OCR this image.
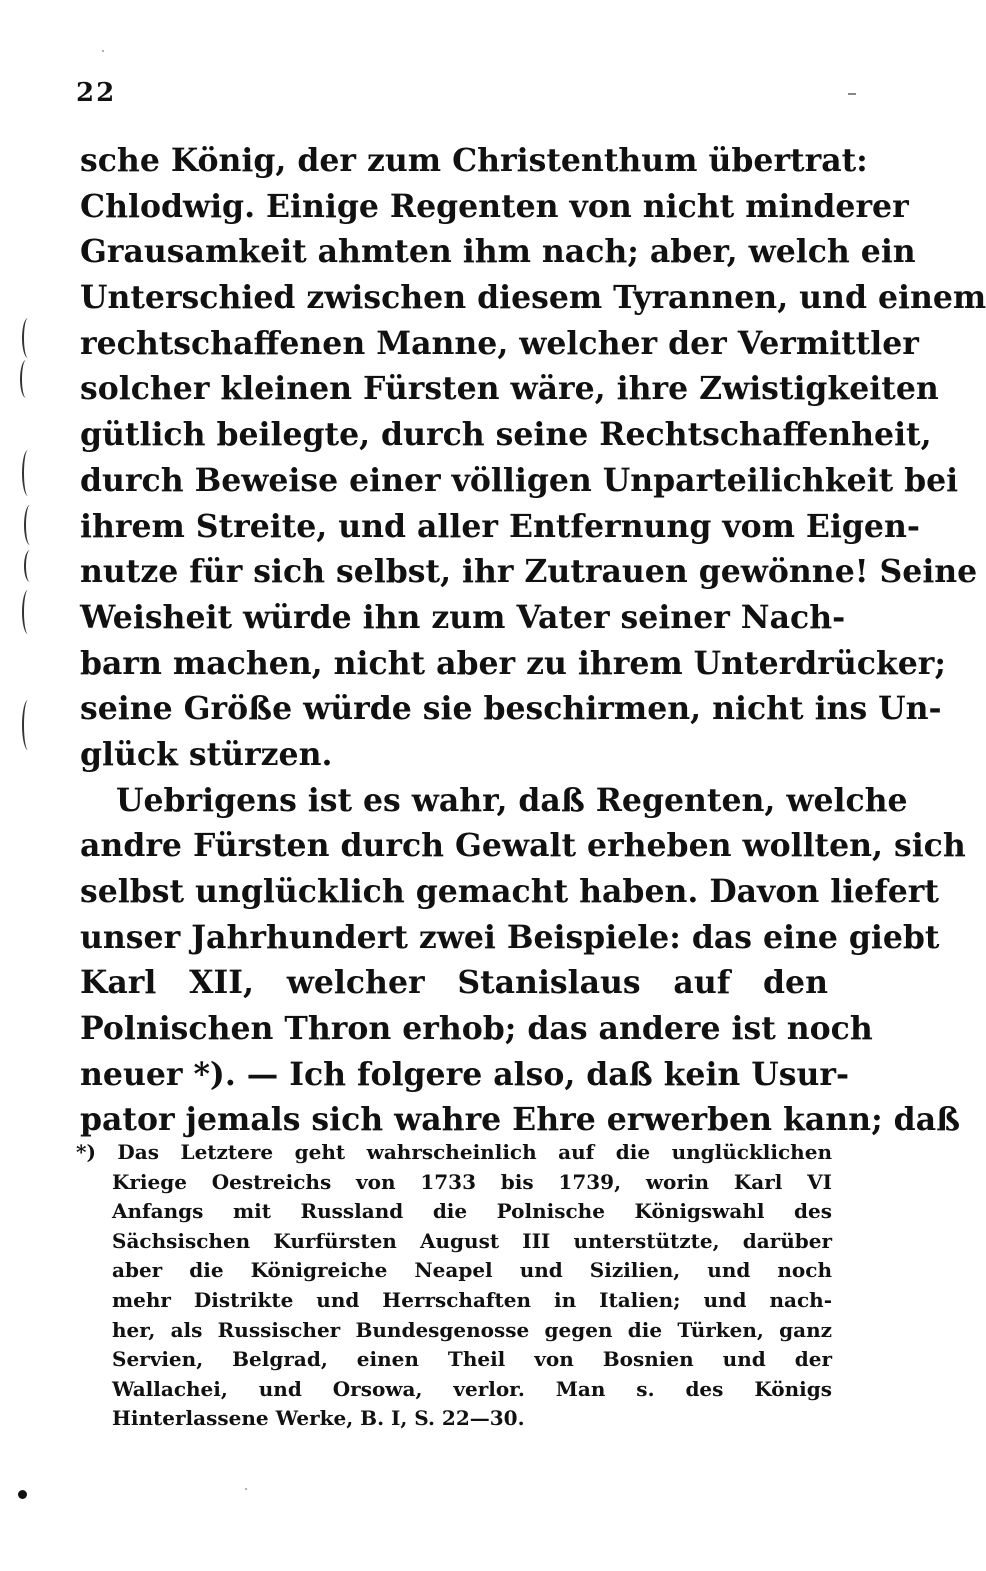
22
sche König, der zum Christenthum übertrat:
Chlodwig. Einige Regenten von nicht minderer
Grausamkeit ahmten ihm nach; aber, welch ein
Unterschied zwischen diesem Tyrannen, und einem
rechtschaffenen Manne, welcher der Vermittler
solcher kleinen Fürsten wäre, ihre Zwistigkeiten
gütlich beilegte, durch seine Rechtschaffenheit,
durch Beweise einer völligen Unparteilichkeit bei
ihrem Streite, und aller Entfernung vom Eigen-
nutze für sich selbst, ihr Zutrauen gewönne! Seine
Weisheit würde ihn zum Vater seiner Nach-
barn machen, nicht aber zu ihrem Unterdrücker;
seine Größe würde sie beschirmen, nicht ins Un-
glück stürzen.
Uebrigens ist es wahr, daß Regenten, welche
andre Fürsten durch Gewalt erheben wollten, sich
selbst unglücklich gemacht haben. Davon liefert
unser Jahrhundert zwei Beispiele: das eine giebt
Karl XII, welcher Stanislaus auf den
Polnischen Thron erhob; das andere ist noch
neuer *). — Ich folgere also, daß kein Usur-
pator jemals sich wahre Ehre erwerben kann; daß
*) Das Letztere geht wahrscheinlich auf die unglücklichen
Kriege Oestreichs von 1733 bis 1739, worin Karl VI
Anfangs mit Russland die Polnische Königswahl des
Sächsischen Kurfürsten August III unterstützte, darüber
aber die Königreiche Neapel und Sizilien, und noch
mehr Distrikte und Herrschaften in Italien; und nach-
her, als Russischer Bundesgenosse gegen die Türken, ganz
Servien, Belgrad, einen Theil von Bosnien und der
Wallachei, und Orsowa, verlor. Man s. des Königs
Hinterlassene Werke, B. I, S. 22—30.
